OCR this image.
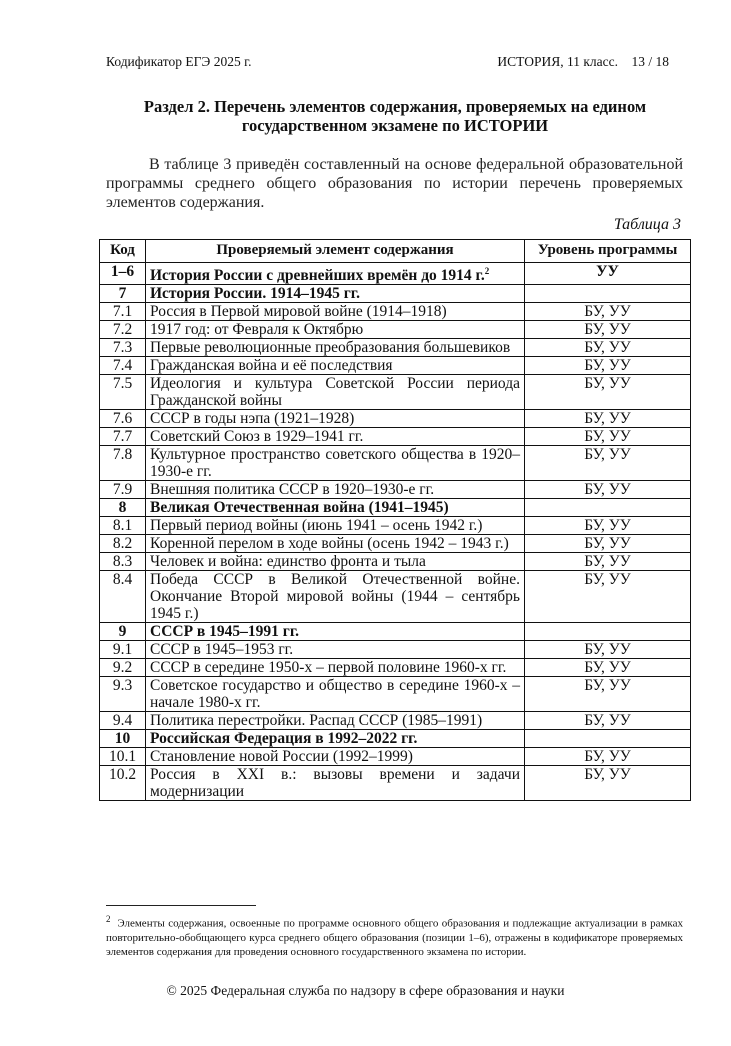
Кодификатор ЕГЭ 2025 г.	ИСТОРИЯ, 11 класс.    13 / 18
Раздел 2. Перечень элементов содержания, проверяемых на едином государственном экзамене по ИСТОРИИ
В таблице 3 приведён составленный на основе федеральной образовательной программы среднего общего образования по истории перечень проверяемых элементов содержания.
Таблица 3
Код	Проверяемый элемент содержания	Уровень программы
1–6	История России с древнейших времён до 1914 г.$^2$	УУ
7	История России. 1914–1945 гг.	
7.1	Россия в Первой мировой войне (1914–1918)	БУ, УУ
7.2	1917 год: от Февраля к Октябрю	БУ, УУ
7.3	Первые революционные преобразования большевиков	БУ, УУ
7.4	Гражданская война и её последствия	БУ, УУ
7.5	Идеология и культура Советской России периода Гражданской войны	БУ, УУ
7.6	СССР в годы нэпа (1921–1928)	БУ, УУ
7.7	Советский Союз в 1929–1941 гг.	БУ, УУ
7.8	Культурное пространство советского общества в 1920–1930-е гг.	БУ, УУ
7.9	Внешняя политика СССР в 1920–1930-е гг.	БУ, УУ
8	Великая Отечественная война (1941–1945)	
8.1	Первый период войны (июнь 1941 – осень 1942 г.)	БУ, УУ
8.2	Коренной перелом в ходе войны (осень 1942 – 1943 г.)	БУ, УУ
8.3	Человек и война: единство фронта и тыла	БУ, УУ
8.4	Победа СССР в Великой Отечественной войне. Окончание Второй мировой войны (1944 – сентябрь 1945 г.)	БУ, УУ
9	СССР в 1945–1991 гг.	
9.1	СССР в 1945–1953 гг.	БУ, УУ
9.2	СССР в середине 1950-х – первой половине 1960-х гг.	БУ, УУ
9.3	Советское государство и общество в середине 1960-х – начале 1980-х гг.	БУ, УУ
9.4	Политика перестройки. Распад СССР (1985–1991)	БУ, УУ
10	Российская Федерация в 1992–2022 гг.	
10.1	Становление новой России (1992–1999)	БУ, УУ
10.2	Россия в XXI в.: вызовы времени и задачи модернизации	БУ, УУ
$^2$ Элементы содержания, освоенные по программе основного общего образования и подлежащие актуализации в рамках повторительно-обобщающего курса среднего общего образования (позиции 1–6), отражены в кодификаторе проверяемых элементов содержания для проведения основного государственного экзамена по истории.
© 2025 Федеральная служба по надзору в сфере образования и науки
